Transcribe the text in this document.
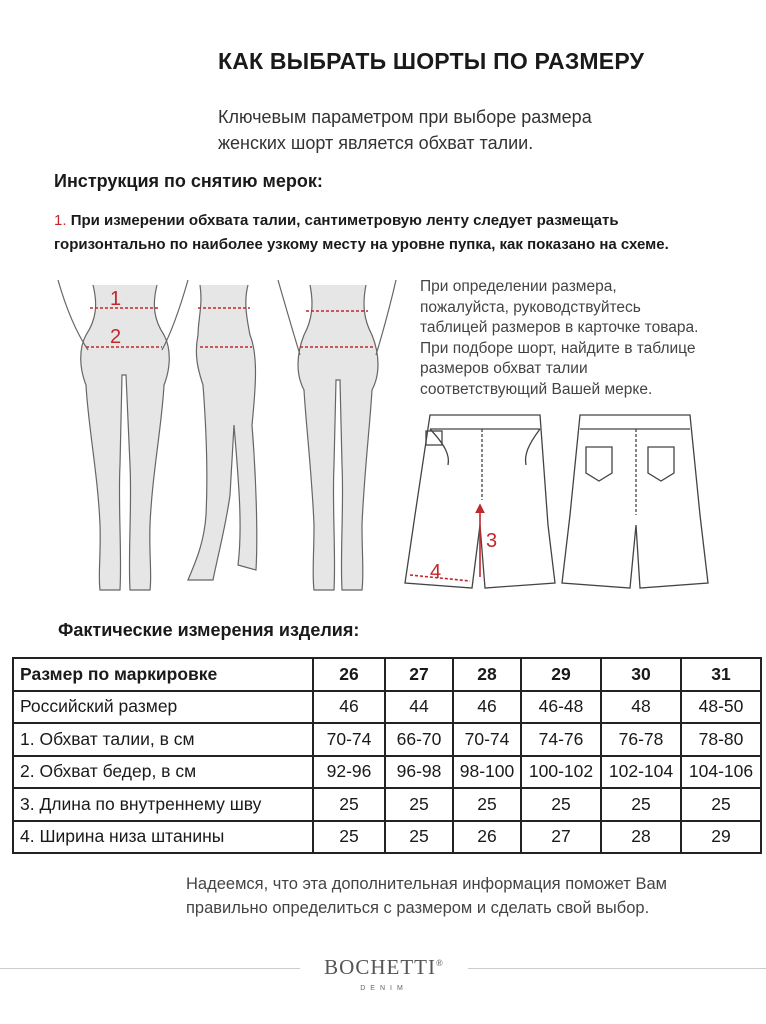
КАК ВЫБРАТЬ ШОРТЫ ПО РАЗМЕРУ
Ключевым параметром при выборе размера
женских шорт является обхват талии.
Инструкция по снятию мерок:
1. При измерении обхвата талии, сантиметровую ленту следует размещать
горизонтально по наиболее узкому месту на уровне пупка, как показано на схеме.
1
2
При определении размера,
пожалуйста, руководствуйтесь
таблицей размеров в карточке товара.
При подборе шорт, найдите в таблице
размеров обхват талии
соответствующий Вашей мерке.
3
4
Фактические измерения изделия:
Размер по маркировке	26	27	28	29	30	31
Российский размер	46	44	46	46-48	48	48-50
1. Обхват талии, в см	70-74	66-70	70-74	74-76	76-78	78-80
2. Обхват бедер, в см	92-96	96-98	98-100	100-102	102-104	104-106
3. Длина по внутреннему шву	25	25	25	25	25	25
4. Ширина низа штанины	25	25	26	27	28	29
Надеемся, что эта дополнительная информация поможет Вам
правильно определиться с размером и сделать свой выбор.
BOCHETTI®
DENIM
